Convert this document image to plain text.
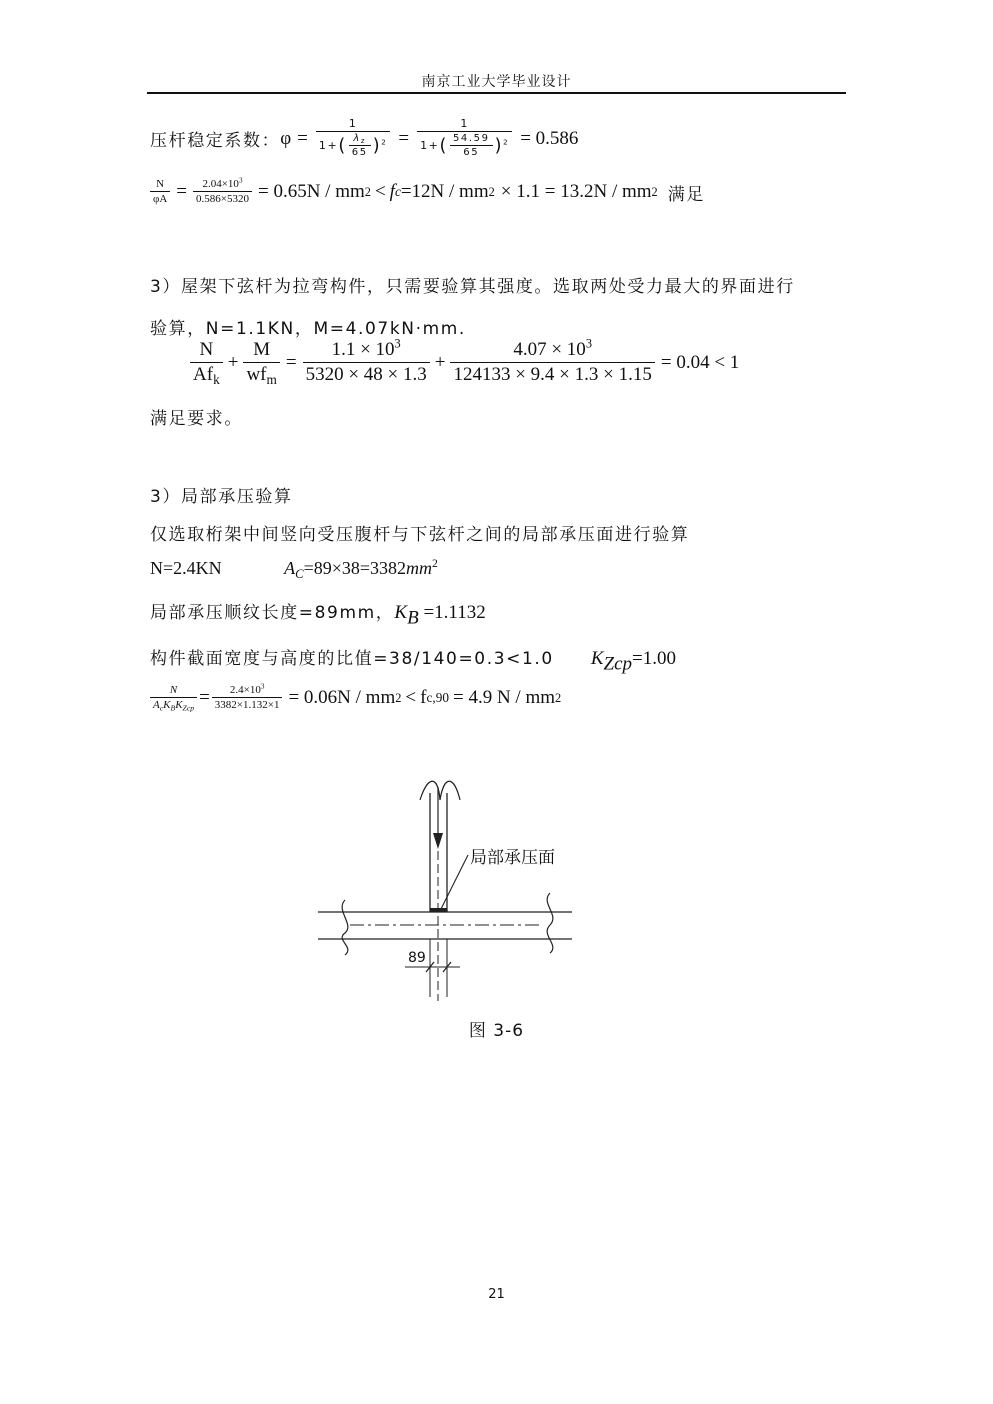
南京工业大学毕业设计
压杆稳定系数： $\varphi = \frac{1}{1+( \frac{\lambda_z}{65} )^2} = \frac{1}{1+( \frac{54.59}{65} )^2} = 0.586$
$\frac{N}{\varphi A} = \frac{2.04\times 10^3}{0.586\times 5320} = 0.65N$ / mm 2 < f c =12N / mm 2 × 1.1 = 13.2N / mm 2 满足
3）屋架下弦杆为拉弯构件，只需要验算其强度。选取两处受力最大的界面进行
验算，N=1.1KN，M=4.07kN·mm.
$\frac{N}{Af_k} + \frac{M}{wf_m} = \frac{1.1 \times 10^3}{5320 \times 48 \times 1.3} + \frac{4.07 \times 10^3}{124133 \times 9.4 \times 1.3 \times 1.15} = 0.04 < 1$
满足要求。
3）局部承压验算
仅选取桁架中间竖向受压腹杆与下弦杆之间的局部承压面进行验算
N=2.4KN	$A_C=89\times 38=3382mm^2$
局部承压顺纹长度=89mm，$K_B =1.1132$
构件截面宽度与高度的比值=38/140=0.3<1.0 $K_{Zcp}=1.00$
$\frac{N}{A_cK_BK_{Zcp}} = \frac{2.4\times 10^3}{3382\times 1.132\times 1} = 0.06N$ / mm 2 < f c,90 = 4.9 N / mm 2
局部承压面
89
图 3-6
21
